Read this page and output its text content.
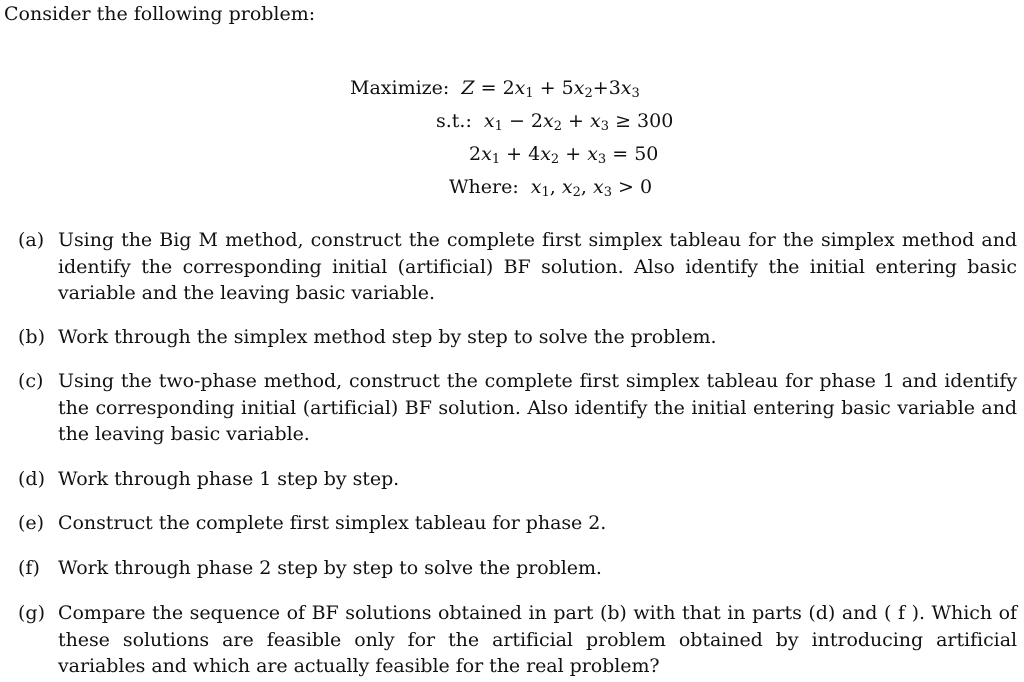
Consider the following problem:
Maximize: $Z = 2x_1 + 5x_2+3x_3$
s.t.: $x_1 - 2x_2 + x_3 \ge 300$
$2x_1 + 4x_2 + x_3 = 50$
Where: $x_1$, $x_2$, $x_3 > 0$
(a) Using the Big M method, construct the complete first simplex tableau for the simplex method and identify the corresponding initial (artificial) BF solution. Also identify the initial entering basic variable and the leaving basic variable.
(b) Work through the simplex method step by step to solve the problem.
(c) Using the two-phase method, construct the complete first simplex tableau for phase 1 and identify the corresponding initial (artificial) BF solution. Also identify the initial entering basic variable and the leaving basic variable.
(d) Work through phase 1 step by step.
(e) Construct the complete first simplex tableau for phase 2.
(f) Work through phase 2 step by step to solve the problem.
(g) Compare the sequence of BF solutions obtained in part (b) with that in parts (d) and ( f ). Which of these solutions are feasible only for the artificial problem obtained by introducing artificial variables and which are actually feasible for the real problem?
